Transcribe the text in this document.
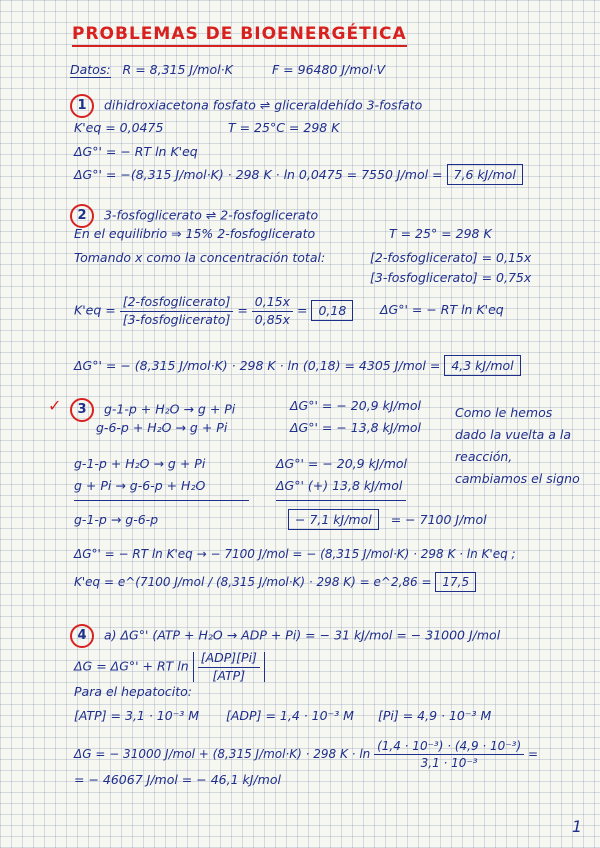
PROBLEMAS DE BIOENERGÉTICA
Datos: R = 8,315 J/mol·K	F = 96480 J/mol·V
1 dihidroxiacetona fosfato ⇌ gliceraldehído 3-fosfato
K'eq = 0,0475	T = 25°C = 298 K
ΔG°' = − RT ln K'eq
ΔG°' = −(8,315 J/mol·K) · 298 K · ln 0,0475 = 7550 J/mol = 7,6 kJ/mol
2 3-fosfoglicerato ⇌ 2-fosfoglicerato
En el equilibrio ⇒ 15% 2-fosfoglicerato	T = 25° = 298 K
Tomando x como la concentración total:	[2-fosfoglicerato] = 0,15x
[3-fosfoglicerato] = 0,75x
$K'eq = \frac{\text{[2-fosfoglicerato]}}{\text{[3-fosfoglicerato]}} = \frac{0,15x}{0,85x} = 0,18$	ΔG°' = − RT ln K'eq
ΔG°' = − (8,315 J/mol·K) · 298 K · ln (0,18) = 4305 J/mol = 4,3 kJ/mol
✓	3 g-1-p + H₂O → g + Pi	ΔG°' = − 20,9 kJ/mol
g-6-p + H₂O → g + Pi	ΔG°' = − 13,8 kJ/mol
Como le hemos dado la vuelta a la reacción, cambiamos el signo
g-1-p + H₂O → g + Pi	ΔG°' = − 20,9 kJ/mol
g + Pi → g-6-p + H₂O	ΔG°' (+) 13,8 kJ/mol
g-1-p → g-6-p	− 7,1 kJ/mol = − 7100 J/mol
ΔG°' = − RT ln K'eq → − 7100 J/mol = − (8,315 J/mol·K) · 298 K · ln K'eq ;
K'eq = e^(7100 J/mol / (8,315 J/mol·K) · 298 K) = e^2,86 = 17,5
4 a) ΔG°' (ATP + H₂O → ADP + Pi) = − 31 kJ/mol = − 31000 J/mol
ΔG = ΔG°' + RT $\ln \frac{\text{[ADP][Pi]}}{\text{[ATP]}}$
Para el hepatocito:
[ATP] = 3,1 · 10⁻³ M [ADP] = 1,4 · 10⁻³ M [Pi] = 4,9 · 10⁻³ M
ΔG = − 31000 J/mol + (8,315 J/mol·K) · 298 $K \cdot \ln \frac{\text{(1,4 · 10⁻³) · (4,9 · 10⁻³)}}{\text{3,1 · 10⁻³}}$ =
= − 46067 J/mol = − 46,1 kJ/mol
1
